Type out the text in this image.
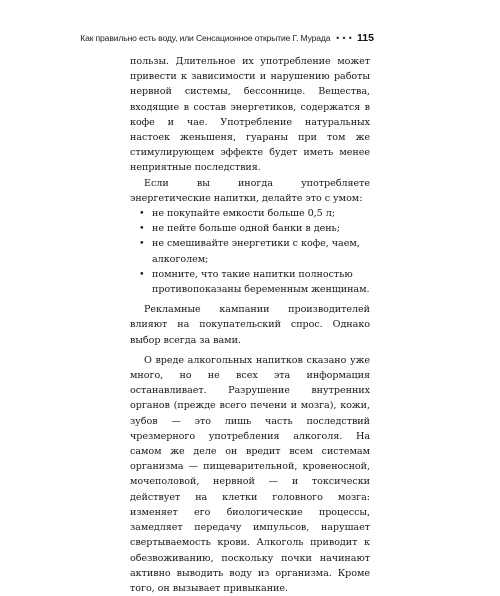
Как правильно есть воду, или Сенсационное открытие Г. Мурада ••• 115

пользы. Длительное их употребление может привести к зависимости и нарушению работы нервной системы, бессоннице. Вещества, входящие в состав энергетиков, содержатся в кофе и чае. Употребление натуральных настоек женьшеня, гуараны при том же стимулирующем эффекте будет иметь менее неприятные последствия.

Если вы иногда употребляете энергетические напитки, делайте это с умом:

• не покупайте емкости больше 0,5 л;
• не пейте больше одной банки в день;
• не смешивайте энергетики с кофе, чаем, алкоголем;
• помните, что такие напитки полностью противопоказаны беременным женщинам.

Рекламные кампании производителей влияют на покупательский спрос. Однако выбор всегда за вами.

О вреде алкогольных напитков сказано уже много, но не всех эта информация останавливает. Разрушение внутренних органов (прежде всего печени и мозга), кожи, зубов — это лишь часть последствий чрезмерного употребления алкоголя. На самом же деле он вредит всем системам организма — пищеварительной, кровеносной, мочеполовой, нервной — и токсически действует на клетки головного мозга: изменяет его биологические процессы, замедляет передачу импульсов, нарушает свертываемость крови. Алкоголь приводит к обезвоживанию, поскольку почки начинают активно выводить воду из организма. Кроме того, он вызывает привыкание.
